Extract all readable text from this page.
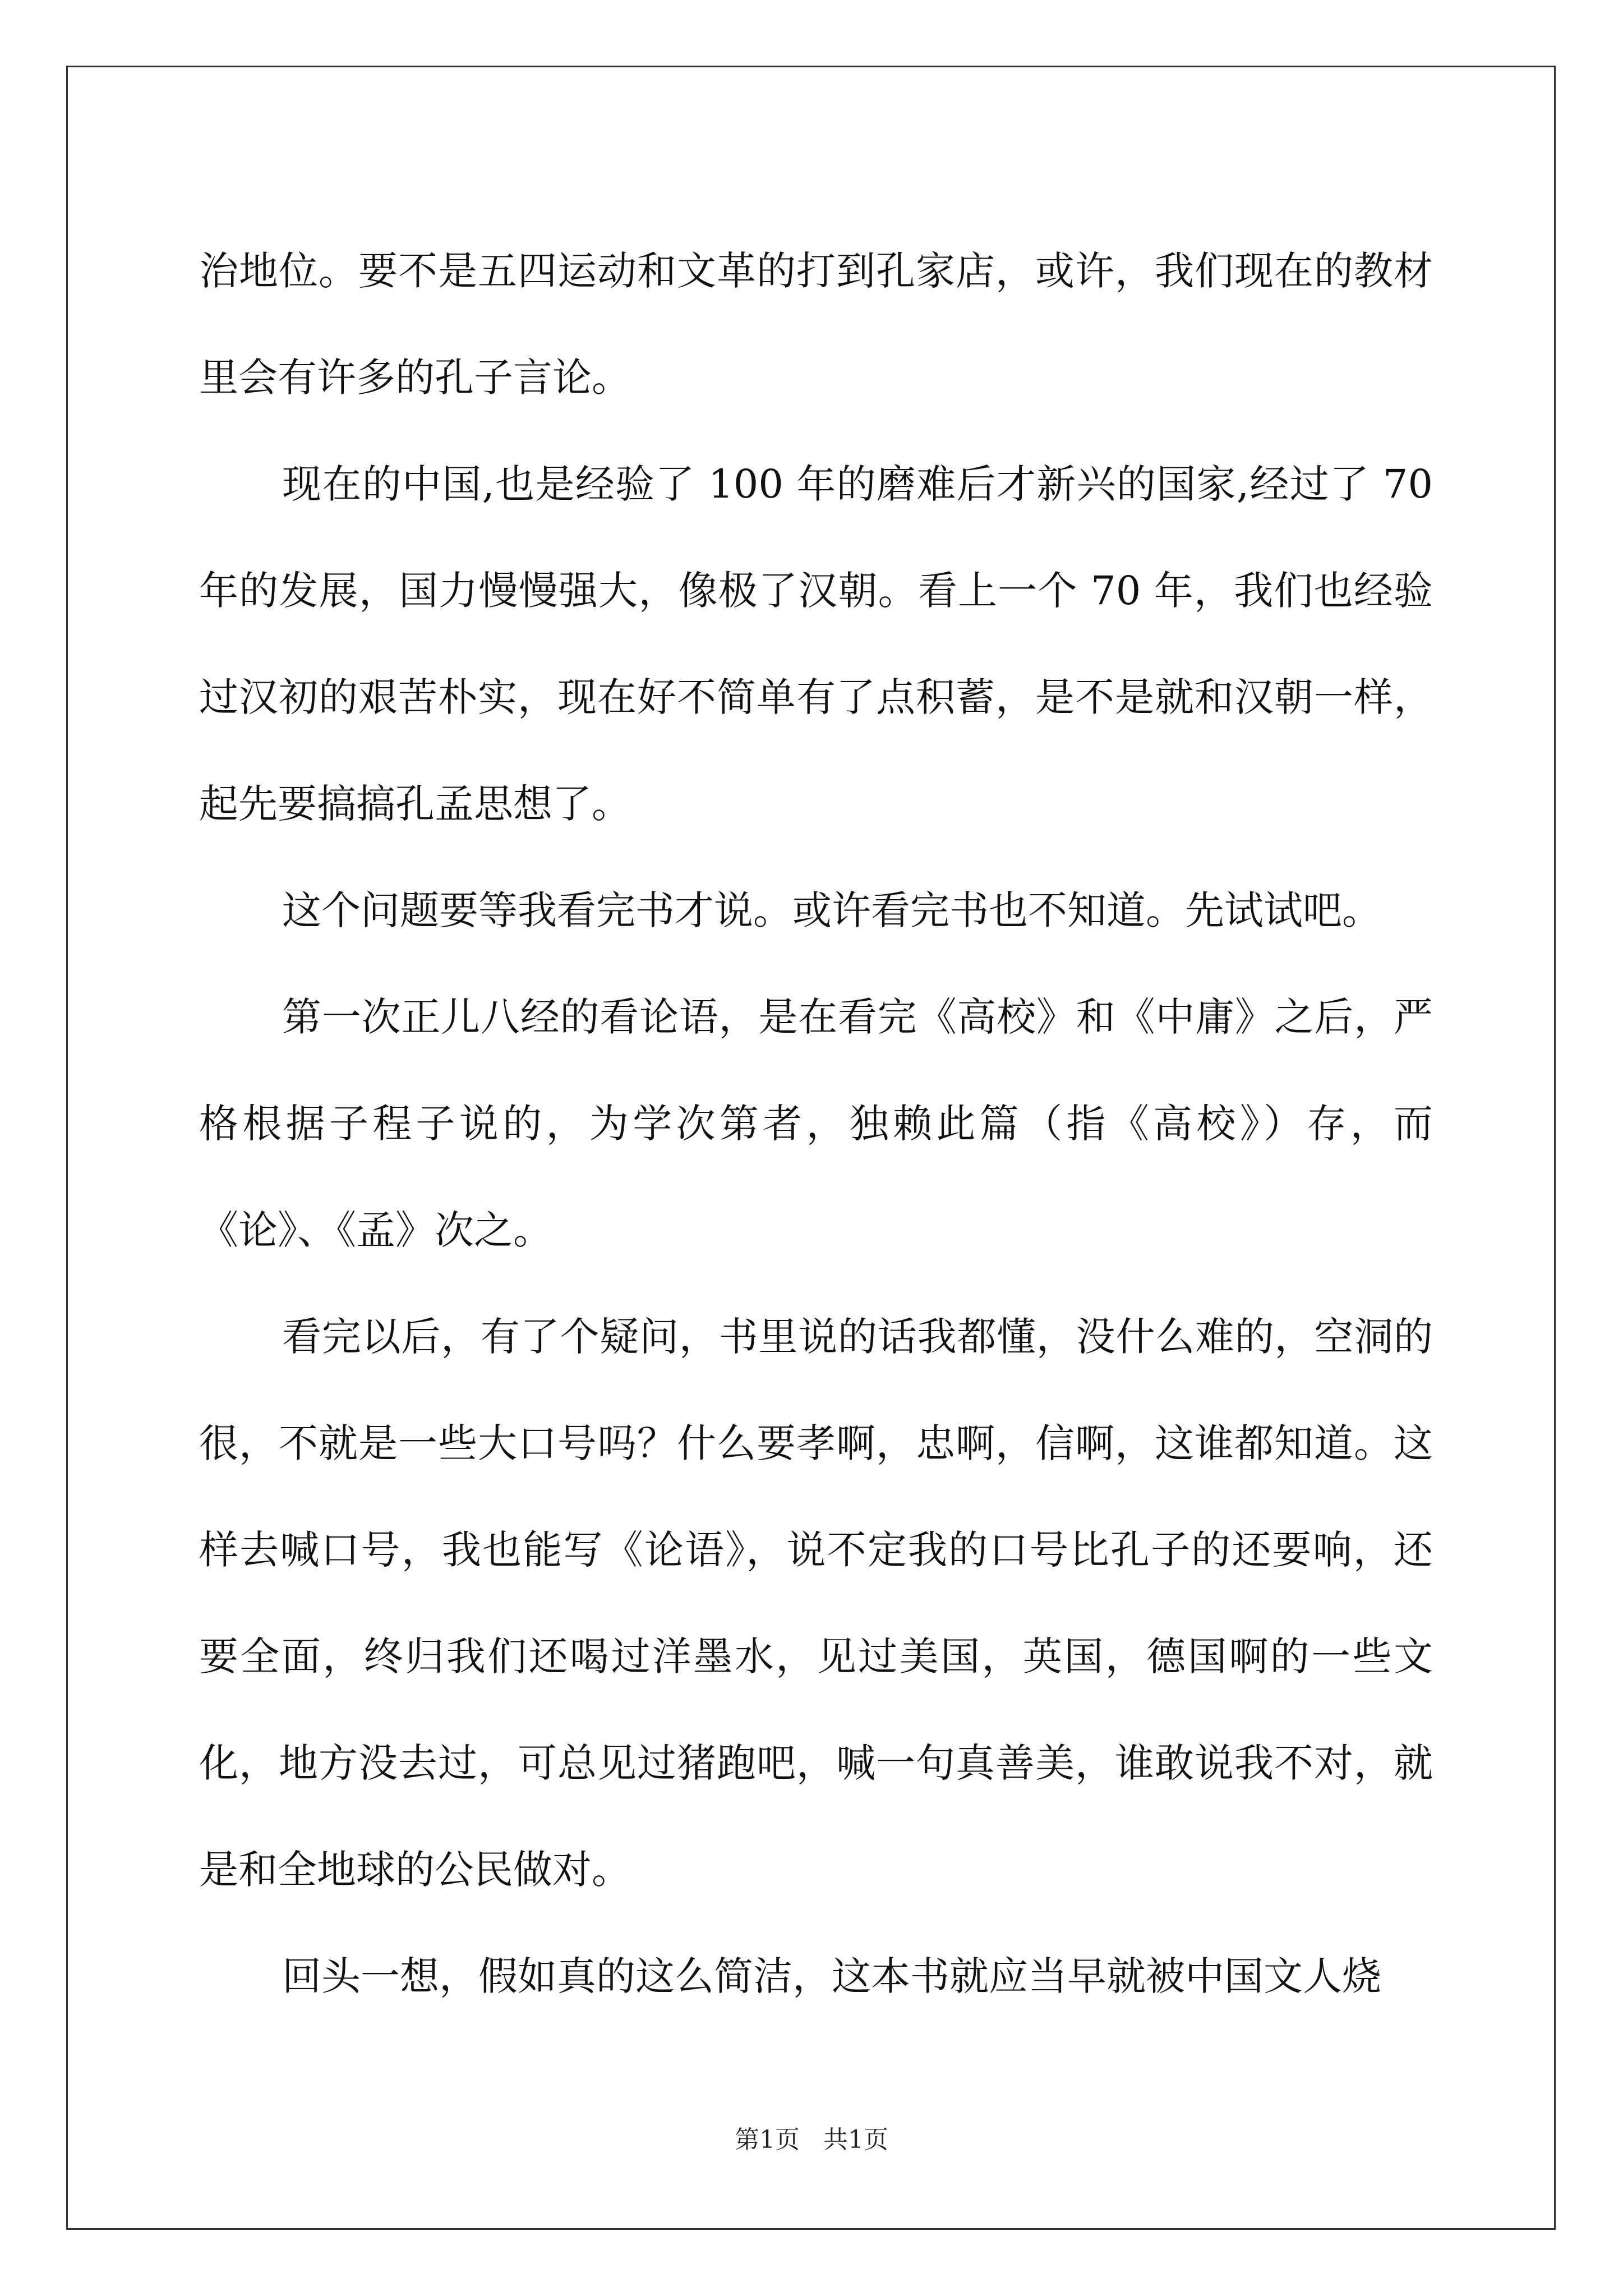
治地位。要不是五四运动和文革的打到孔家店，或许，我们现在的教材里会有许多的孔子言论。

现在的中国,也是经验了 100 年的磨难后才新兴的国家,经过了 70 年的发展，国力慢慢强大，像极了汉朝。看上一个 70 年，我们也经验过汉初的艰苦朴实，现在好不简单有了点积蓄，是不是就和汉朝一样，起先要搞搞孔孟思想了。

这个问题要等我看完书才说。或许看完书也不知道。先试试吧。

第一次正儿八经的看论语，是在看完《高校》和《中庸》之后，严格根据子程子说的，为学次第者，独赖此篇（指《高校》）存，而《论》、《孟》次之。

看完以后，有了个疑问，书里说的话我都懂，没什么难的，空洞的很，不就是一些大口号吗？什么要孝啊，忠啊，信啊，这谁都知道。这样去喊口号，我也能写《论语》，说不定我的口号比孔子的还要响，还要全面，终归我们还喝过洋墨水，见过美国，英国，德国啊的一些文化，地方没去过，可总见过猪跑吧，喊一句真善美，谁敢说我不对，就是和全地球的公民做对。

回头一想，假如真的这么简洁，这本书就应当早就被中国文人烧

第1页   共1页
